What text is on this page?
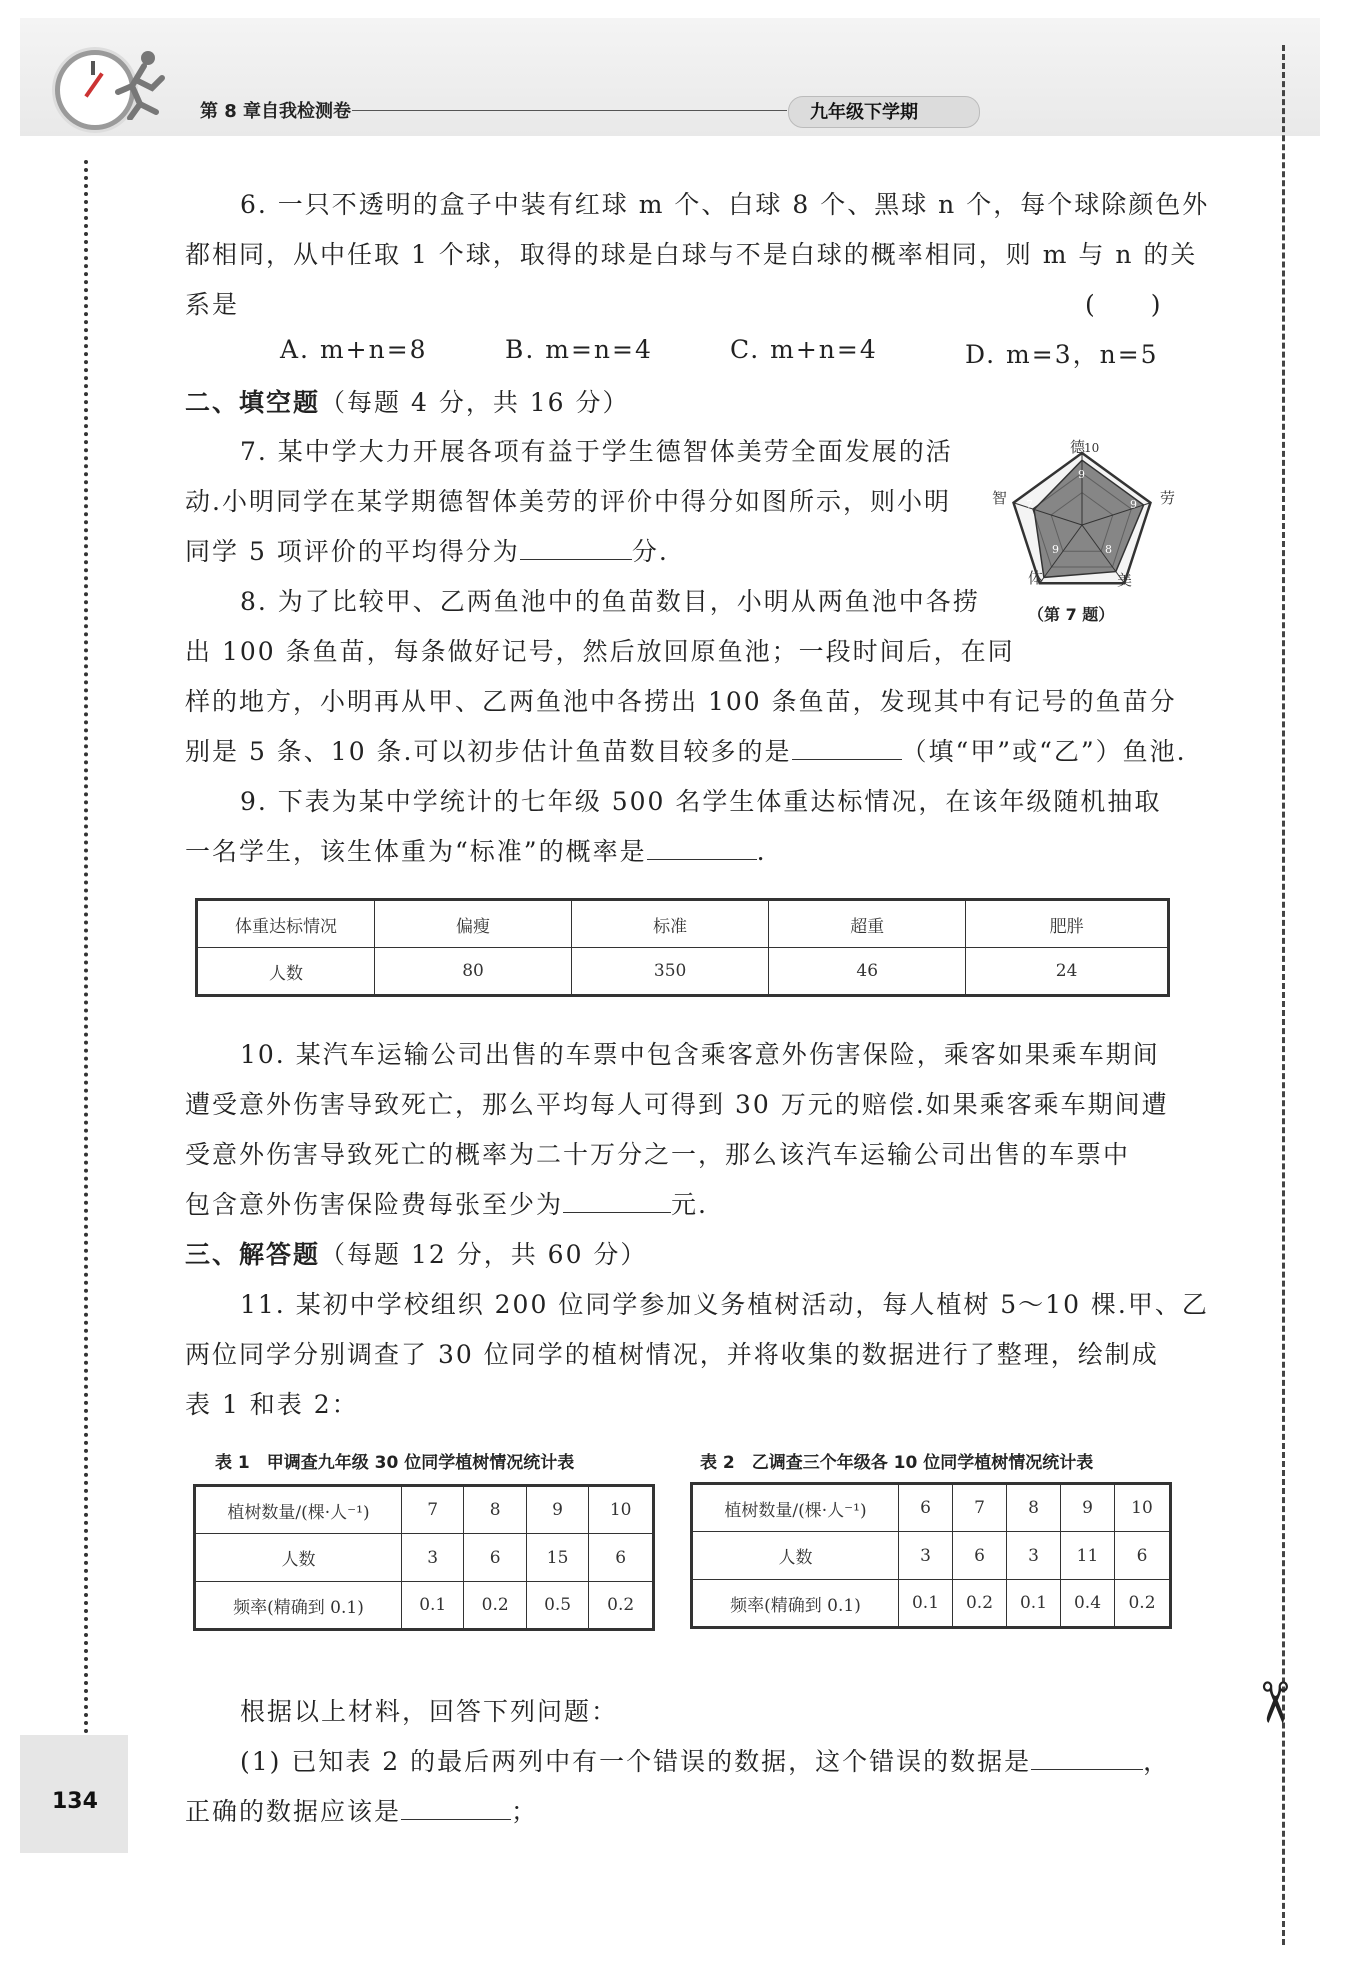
第 8 章自我检测卷	九年级下学期
✂
6. 一只不透明的盒子中装有红球 m 个、白球 8 个、黑球 n 个，每个球除颜色外
都相同，从中任取 1 个球，取得的球是白球与不是白球的概率相同，则 m 与 n 的关
系是	(　　)
A. m+n=8	B. m=n=4	C. m+n=4	D. m=3，n=5
二、填空题（每题 4 分，共 16 分）
7. 某中学大力开展各项有益于学生德智体美劳全面发展的活
动.小明同学在某学期德智体美劳的评价中得分如图所示，则小明
同学 5 项评价的平均得分为	分.
德
10
劳
美
体
智
9
9
8
9
7
（第 7 题）
8. 为了比较甲、乙两鱼池中的鱼苗数目，小明从两鱼池中各捞
出 100 条鱼苗，每条做好记号，然后放回原鱼池；一段时间后，在同
样的地方，小明再从甲、乙两鱼池中各捞出 100 条鱼苗，发现其中有记号的鱼苗分
别是 5 条、10 条.可以初步估计鱼苗数目较多的是	（填“甲”或“乙”）鱼池.
9. 下表为某中学统计的七年级 500 名学生体重达标情况，在该年级随机抽取
一名学生，该生体重为“标准”的概率是	.
体重达标情况	偏瘦	标准	超重	肥胖
人数	80	350	46	24
10. 某汽车运输公司出售的车票中包含乘客意外伤害保险，乘客如果乘车期间
遭受意外伤害导致死亡，那么平均每人可得到 30 万元的赔偿.如果乘客乘车期间遭
受意外伤害导致死亡的概率为二十万分之一，那么该汽车运输公司出售的车票中
包含意外伤害保险费每张至少为	元.
三、解答题（每题 12 分，共 60 分）
11. 某初中学校组织 200 位同学参加义务植树活动，每人植树 5～10 棵.甲、乙
两位同学分别调查了 30 位同学的植树情况，并将收集的数据进行了整理，绘制成
表 1 和表 2：
表 1　甲调查九年级 30 位同学植树情况统计表	表 2　乙调查三个年级各 10 位同学植树情况统计表
植树数量/(棵·人⁻¹)	7	8	9	10
人数	3	6	15	6
频率(精确到 0.1)	0.1	0.2	0.5	0.2
植树数量/(棵·人⁻¹)	6	7	8	9	10
人数	3	6	3	11	6
频率(精确到 0.1)	0.1	0.2	0.1	0.4	0.2
根据以上材料，回答下列问题：
(1) 已知表 2 的最后两列中有一个错误的数据，这个错误的数据是	，
正确的数据应该是	；
134
